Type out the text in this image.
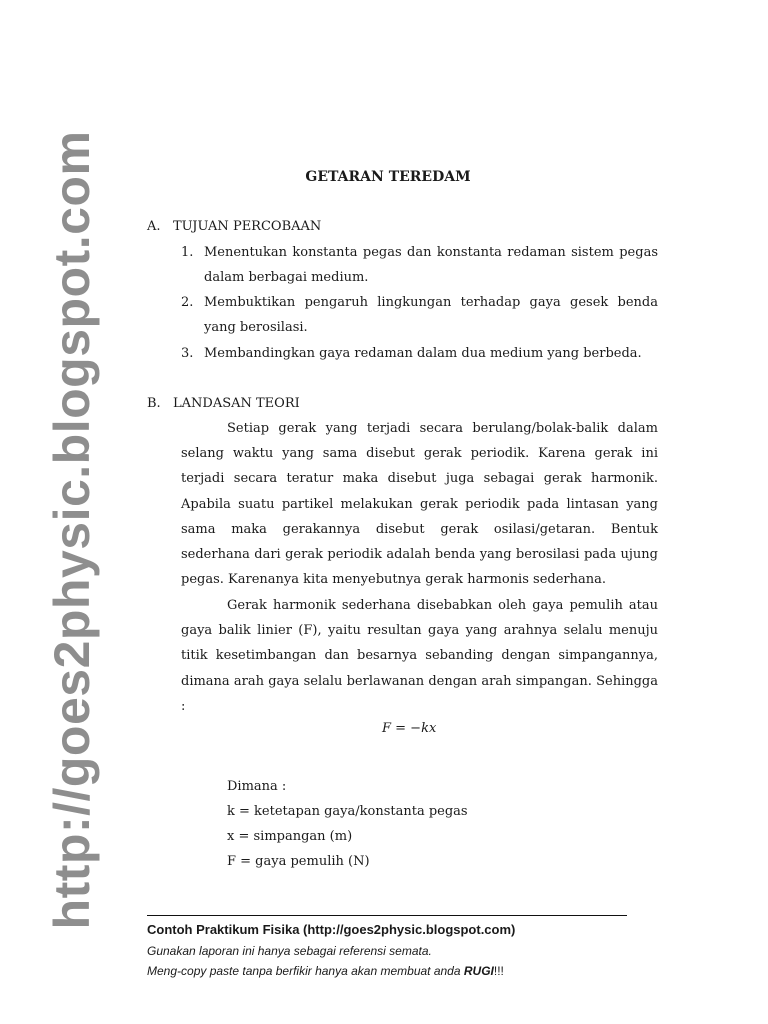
http://goes2physic.blogspot.com	GETARAN TEREDAM
A. TUJUAN PERCOBAAN
1. Menentukan konstanta pegas dan konstanta redaman sistem pegas dalam berbagai medium.
2. Membuktikan pengaruh lingkungan terhadap gaya gesek benda yang berosilasi.
3. Membandingkan gaya redaman dalam dua medium yang berbeda.
B. LANDASAN TEORI
Setiap gerak yang terjadi secara berulang/bolak-balik dalam selang waktu yang sama disebut gerak periodik. Karena gerak ini terjadi secara teratur maka disebut juga sebagai gerak harmonik. Apabila suatu partikel melakukan gerak periodik pada lintasan yang sama maka gerakannya disebut gerak osilasi/getaran. Bentuk sederhana dari gerak periodik adalah benda yang berosilasi pada ujung pegas. Karenanya kita menyebutnya gerak harmonis sederhana.
Gerak harmonik sederhana disebabkan oleh gaya pemulih atau gaya balik linier (F), yaitu resultan gaya yang arahnya selalu menuju titik kesetimbangan dan besarnya sebanding dengan simpangannya, dimana arah gaya selalu berlawanan dengan arah simpangan. Sehingga :
F = −kx
Dimana :
k = ketetapan gaya/konstanta pegas
x = simpangan (m)
F = gaya pemulih (N)
Contoh Praktikum Fisika (http://goes2physic.blogspot.com)
Gunakan laporan ini hanya sebagai referensi semata.
Meng-copy paste tanpa berfikir hanya akan membuat anda RUGI!!!
